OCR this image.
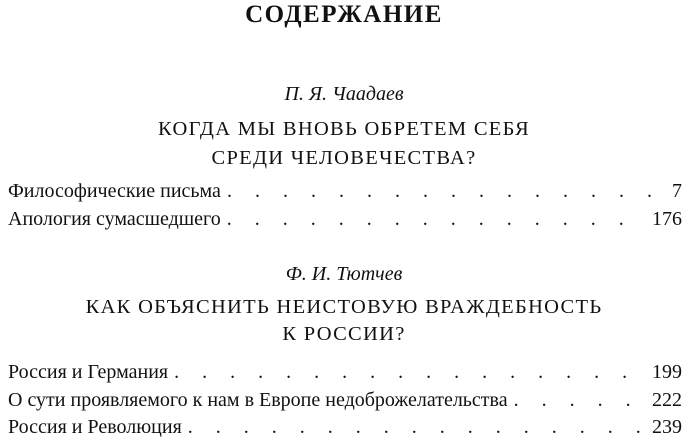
СОДЕРЖАНИЕ
П. Я. Чаадаев
КОГДА МЫ ВНОВЬ ОБРЕТЕМ СЕБЯ
СРЕДИ ЧЕЛОВЕЧЕСТВА?
Философические письма . . .	7
Апология сумасшедшего . . .	176
Ф. И. Тютчев
КАК ОБЪЯСНИТЬ НЕИСТОВУЮ ВРАЖДЕБНОСТЬ
К РОССИИ?
Россия и Германия . . .	199
О сути проявляемого к нам в Европе недоброжелательства . . .	222
Россия и Революция . . .	239
